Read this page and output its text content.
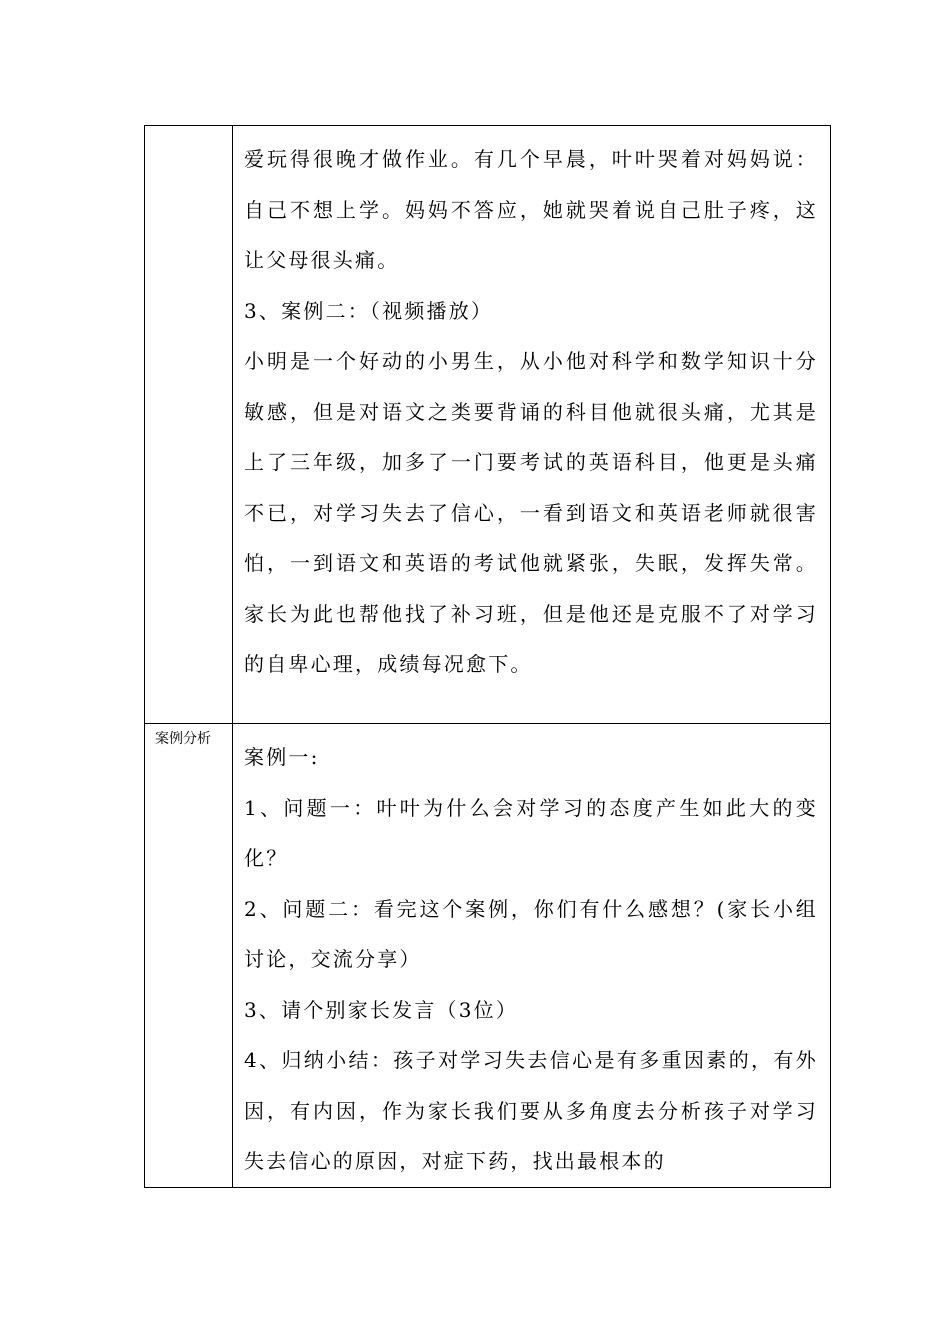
	爱玩得很晚才做作业。有几个早晨，叶叶哭着对妈妈说：自己不想上学。妈妈不答应，她就哭着说自己肚子疼，这让父母很头痛。

3、案例二：（视频播放）

小明是一个好动的小男生，从小他对科学和数学知识十分敏感，但是对语文之类要背诵的科目他就很头痛，尤其是上了三年级，加多了一门要考试的英语科目，他更是头痛不已，对学习失去了信心，一看到语文和英语老师就很害怕，一到语文和英语的考试他就紧张，失眠，发挥失常。家长为此也帮他找了补习班，但是他还是克服不了对学习的自卑心理，成绩每况愈下。

案例分析	案例一:

1、问题一：叶叶为什么会对学习的态度产生如此大的变化？

2、问题二：看完这个案例，你们有什么感想？(家长小组讨论，交流分享）

3、请个别家长发言（3位）

4、归纳小结：孩子对学习失去信心是有多重因素的，有外因，有内因，作为家长我们要从多角度去分析孩子对学习失去信心的原因，对症下药，找出最根本的
